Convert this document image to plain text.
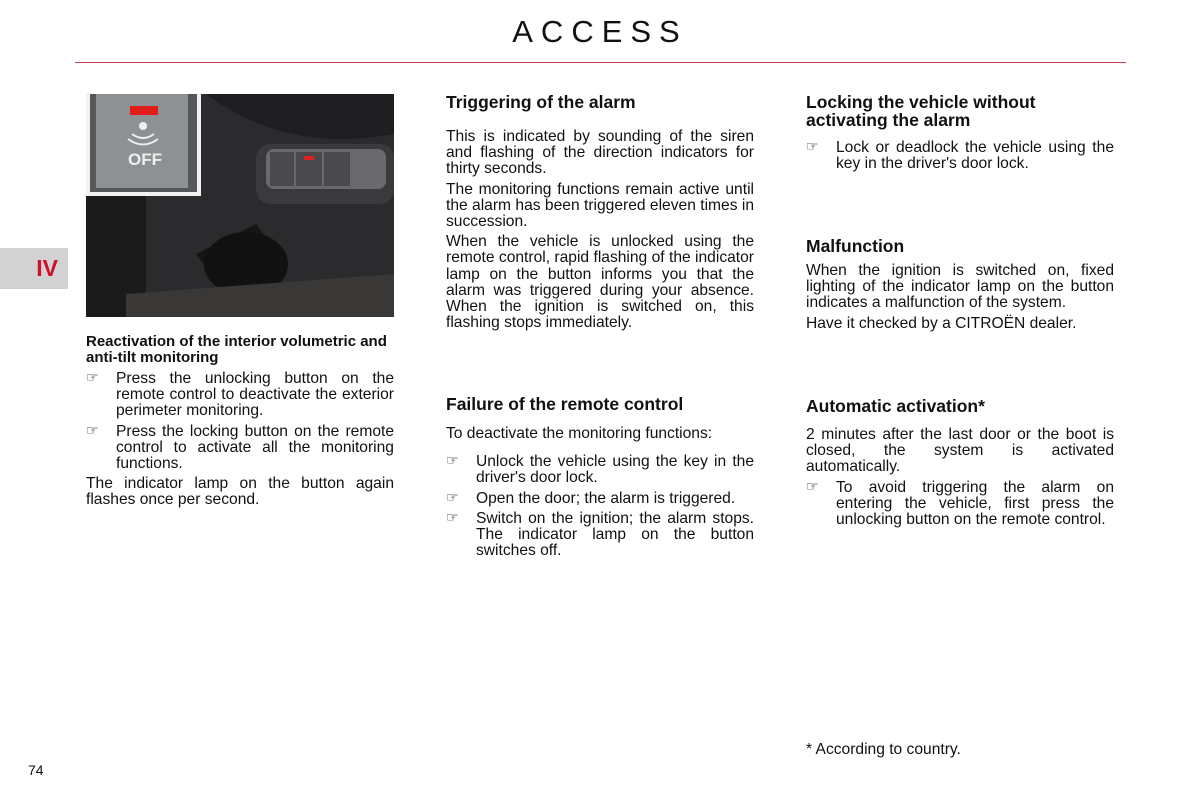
ACCESS
IV
OFF
Reactivation of the interior volumetric and anti-tilt monitoring
☞ Press the unlocking button on the remote control to deactivate the exterior perimeter monitoring.
☞ Press the locking button on the remote control to activate all the monitoring functions.

The indicator lamp on the button again flashes once per second.

Triggering of the alarm

This is indicated by sounding of the siren and flashing of the direction indicators for thirty seconds.

The monitoring functions remain active until the alarm has been triggered eleven times in succession.

When the vehicle is unlocked using the remote control, rapid flashing of the indicator lamp on the button informs you that the alarm was triggered during your absence. When the ignition is switched on, this flashing stops immediately.

Failure of the remote control

To deactivate the monitoring functions:

☞ Unlock the vehicle using the key in the driver's door lock.
☞ Open the door; the alarm is triggered.
☞ Switch on the ignition; the alarm stops. The indicator lamp on the button switches off.
Locking the vehicle without activating the alarm
☞ Lock or deadlock the vehicle using the key in the driver's door lock.
Malfunction

When the ignition is switched on, fixed lighting of the indicator lamp on the button indicates a malfunction of the system.

Have it checked by a CITROËN dealer.

Automatic activation*

2 minutes after the last door or the boot is closed, the system is activated automatically.

☞ To avoid triggering the alarm on entering the vehicle, first press the unlocking button on the remote control.
* According to country.
74
